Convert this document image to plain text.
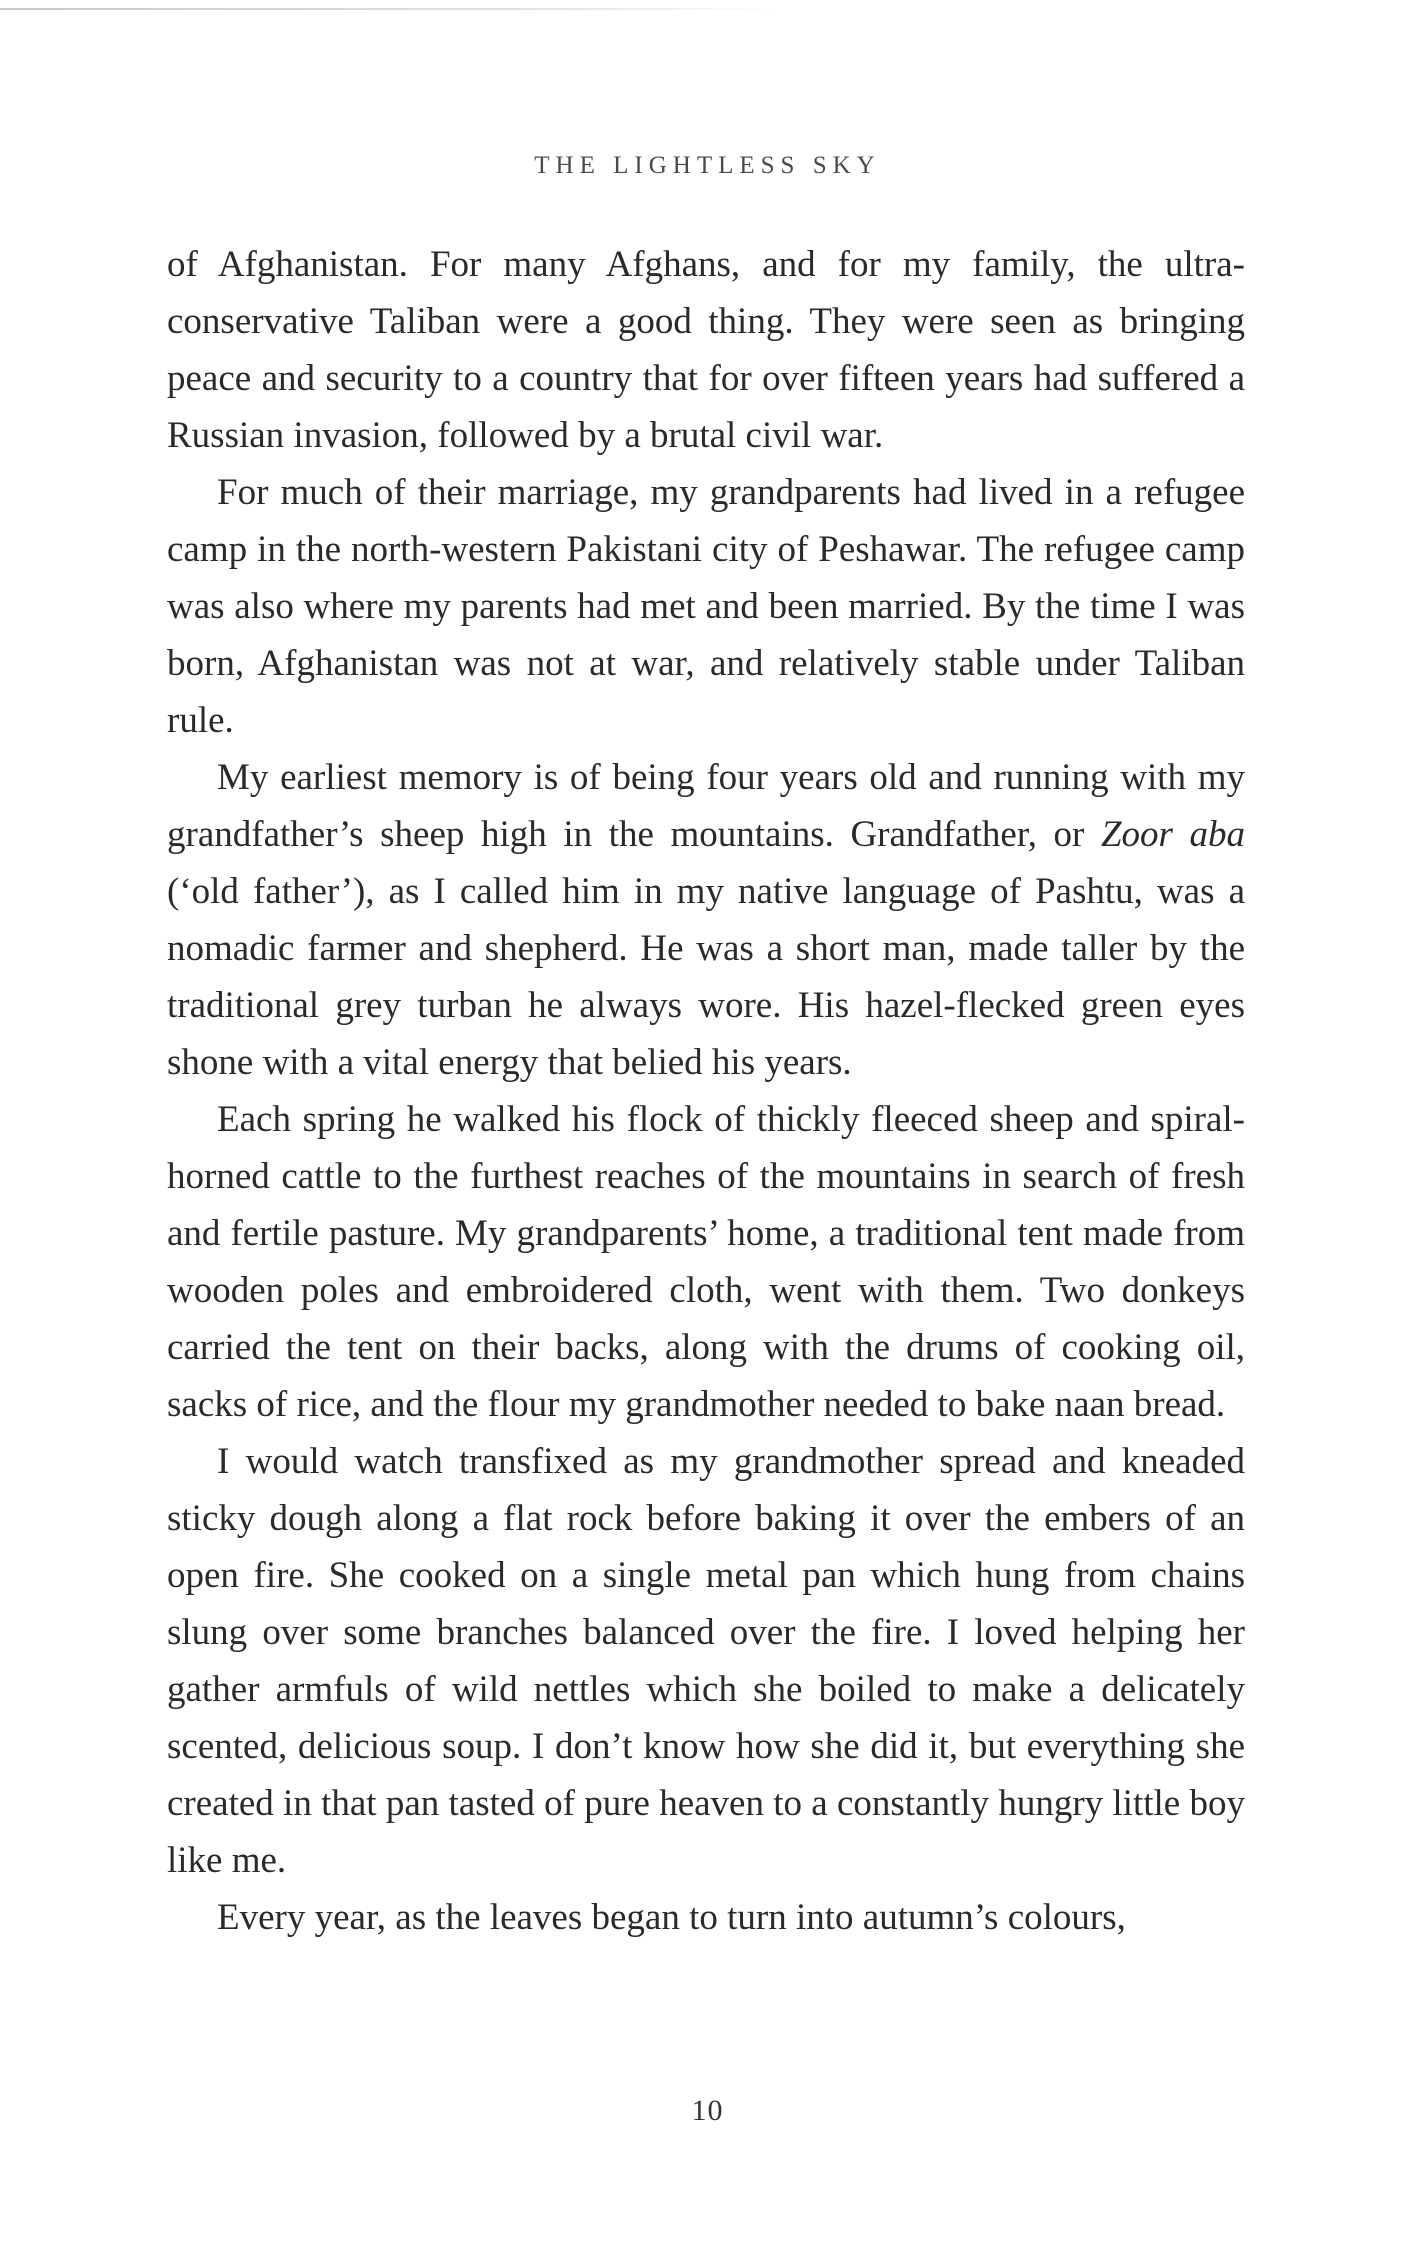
THE LIGHTLESS SKY

of Afghanistan. For many Afghans, and for my family, the ultra-conservative Taliban were a good thing. They were seen as bringing peace and security to a country that for over fifteen years had suffered a Russian invasion, followed by a brutal civil war.

For much of their marriage, my grandparents had lived in a refugee camp in the north-western Pakistani city of Peshawar. The refugee camp was also where my parents had met and been married. By the time I was born, Afghanistan was not at war, and relatively stable under Taliban rule.

My earliest memory is of being four years old and running with my grandfather’s sheep high in the mountains. Grandfather, or Zoor aba (‘old father’), as I called him in my native language of Pashtu, was a nomadic farmer and shepherd. He was a short man, made taller by the traditional grey turban he always wore. His hazel-flecked green eyes shone with a vital energy that belied his years.

Each spring he walked his flock of thickly fleeced sheep and spiral-horned cattle to the furthest reaches of the mountains in search of fresh and fertile pasture. My grandparents’ home, a traditional tent made from wooden poles and embroidered cloth, went with them. Two donkeys carried the tent on their backs, along with the drums of cooking oil, sacks of rice, and the flour my grandmother needed to bake naan bread.

I would watch transfixed as my grandmother spread and kneaded sticky dough along a flat rock before baking it over the embers of an open fire. She cooked on a single metal pan which hung from chains slung over some branches balanced over the fire. I loved helping her gather armfuls of wild nettles which she boiled to make a delicately scented, delicious soup. I don’t know how she did it, but everything she created in that pan tasted of pure heaven to a constantly hungry little boy like me.

Every year, as the leaves began to turn into autumn’s colours,

10
